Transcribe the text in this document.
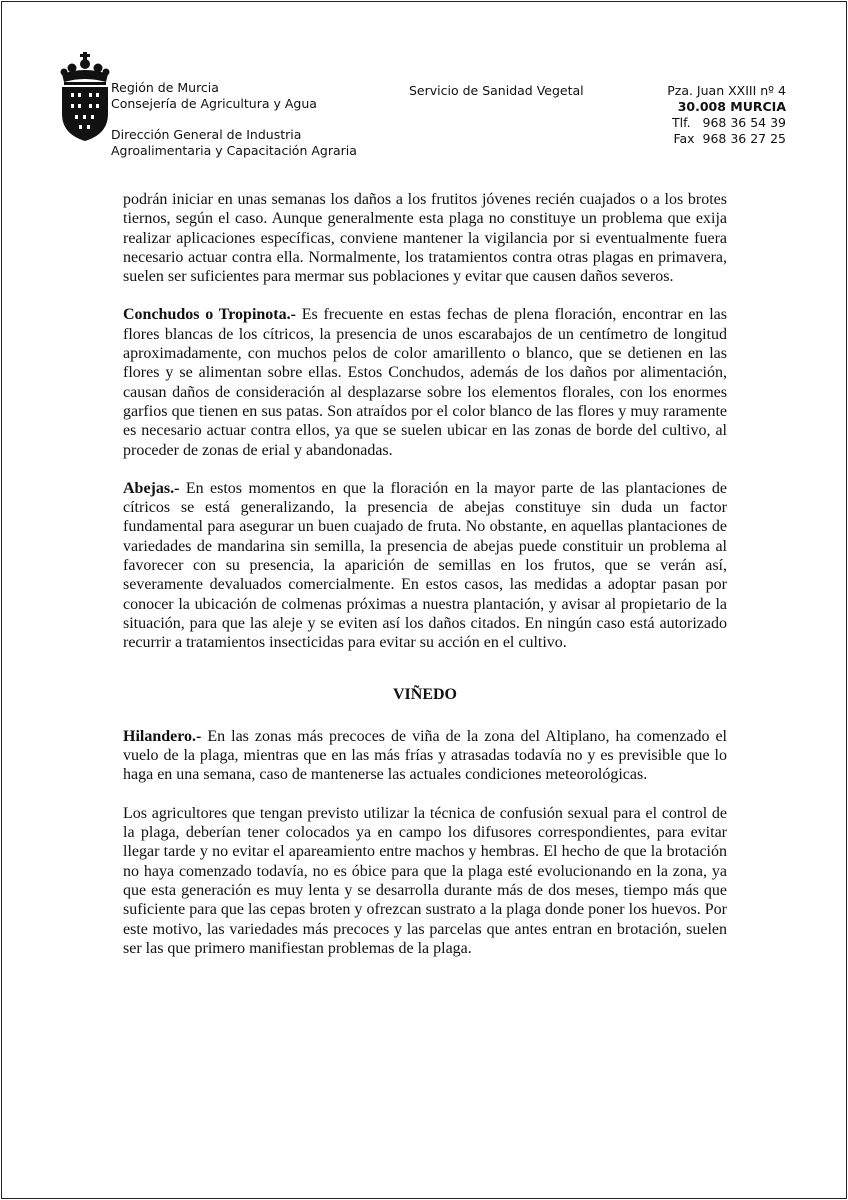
Región de Murcia
Consejería de Agricultura y Agua
Dirección General de Industria
Agroalimentaria y Capacitación Agraria
Servicio de Sanidad Vegetal	Pza. Juan XXIII nº 4
30.008 MURCIA
Tlf.   968 36 54 39
Fax  968 36 27 25

podrán iniciar en unas semanas los daños a los frutitos jóvenes recién cuajados o a los brotes tiernos, según el caso. Aunque generalmente esta plaga no constituye un problema que exija realizar aplicaciones específicas, conviene mantener la vigilancia por si eventualmente fuera necesario actuar contra ella. Normalmente, los tratamientos contra otras plagas en primavera, suelen ser suficientes para mermar sus poblaciones y evitar que causen daños severos.

Conchudos o Tropinota.- Es frecuente en estas fechas de plena floración, encontrar en las flores blancas de los cítricos, la presencia de unos escarabajos de un centímetro de longitud aproximadamente, con muchos pelos de color amarillento o blanco, que se detienen en las flores y se alimentan sobre ellas. Estos Conchudos, además de los daños por alimentación, causan daños de consideración al desplazarse sobre los elementos florales, con los enormes garfios que tienen en sus patas. Son atraídos por el color blanco de las flores y muy raramente es necesario actuar contra ellos, ya que se suelen ubicar en las zonas de borde del cultivo, al proceder de zonas de erial y abandonadas.

Abejas.- En estos momentos en que la floración en la mayor parte de las plantaciones de cítricos se está generalizando, la presencia de abejas constituye sin duda un factor fundamental para asegurar un buen cuajado de fruta. No obstante, en aquellas plantaciones de variedades de mandarina sin semilla, la presencia de abejas puede constituir un problema al favorecer con su presencia, la aparición de semillas en los frutos, que se verán así, severamente devaluados comercialmente. En estos casos, las medidas a adoptar pasan por conocer la ubicación de colmenas próximas a nuestra plantación, y avisar al propietario de la situación, para que las aleje y se eviten así los daños citados. En ningún caso está autorizado recurrir a tratamientos insecticidas para evitar su acción en el cultivo.

VIÑEDO

Hilandero.- En las zonas más precoces de viña de la zona del Altiplano, ha comenzado el vuelo de la plaga, mientras que en las más frías y atrasadas todavía no y es previsible que lo haga en una semana, caso de mantenerse las actuales condiciones meteorológicas.

Los agricultores que tengan previsto utilizar la técnica de confusión sexual para el control de la plaga, deberían tener colocados ya en campo los difusores correspondientes, para evitar llegar tarde y no evitar el apareamiento entre machos y hembras. El hecho de que la brotación no haya comenzado todavía, no es óbice para que la plaga esté evolucionando en la zona, ya que esta generación es muy lenta y se desarrolla durante más de dos meses, tiempo más que suficiente para que las cepas broten y ofrezcan sustrato a la plaga donde poner los huevos. Por este motivo, las variedades más precoces y las parcelas que antes entran en brotación, suelen ser las que primero manifiestan problemas de la plaga.
